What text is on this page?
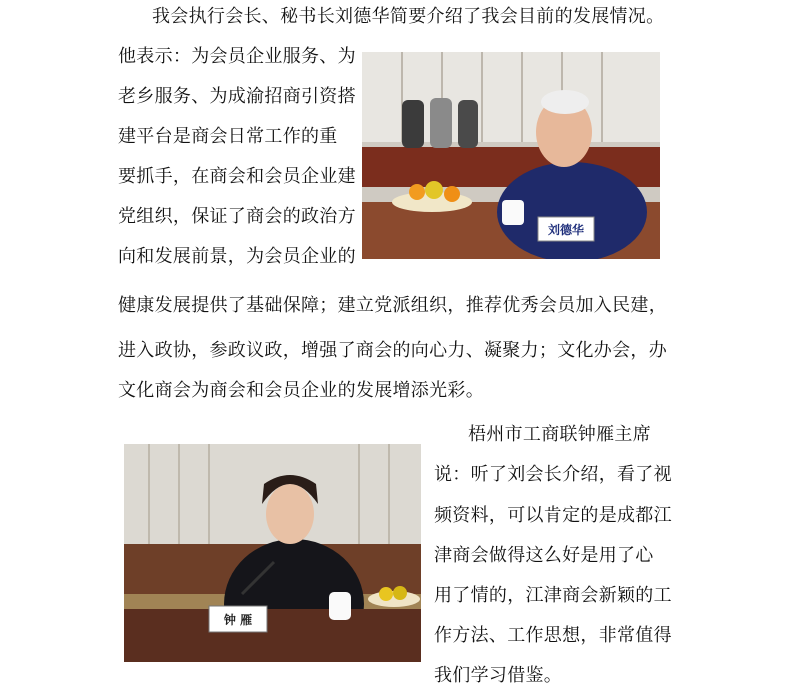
我会执行会长、秘书长刘德华简要介绍了我会目前的发展情况。
他表示：为会员企业服务、为
老乡服务、为成渝招商引资搭
建平台是商会日常工作的重
要抓手，在商会和会员企业建
党组织，保证了商会的政治方
向和发展前景，为会员企业的
健康发展提供了基础保障；建立党派组织，推荐优秀会员加入民建，
进入政协，参政议政，增强了商会的向心力、凝聚力；文化办会，办
文化商会为商会和会员企业的发展增添光彩。
刘德华
梧州市工商联钟雁主席
说：听了刘会长介绍，看了视
频资料，可以肯定的是成都江
津商会做得这么好是用了心
用了情的，江津商会新颖的工
作方法、工作思想，非常值得
我们学习借鉴。
钟 雁
